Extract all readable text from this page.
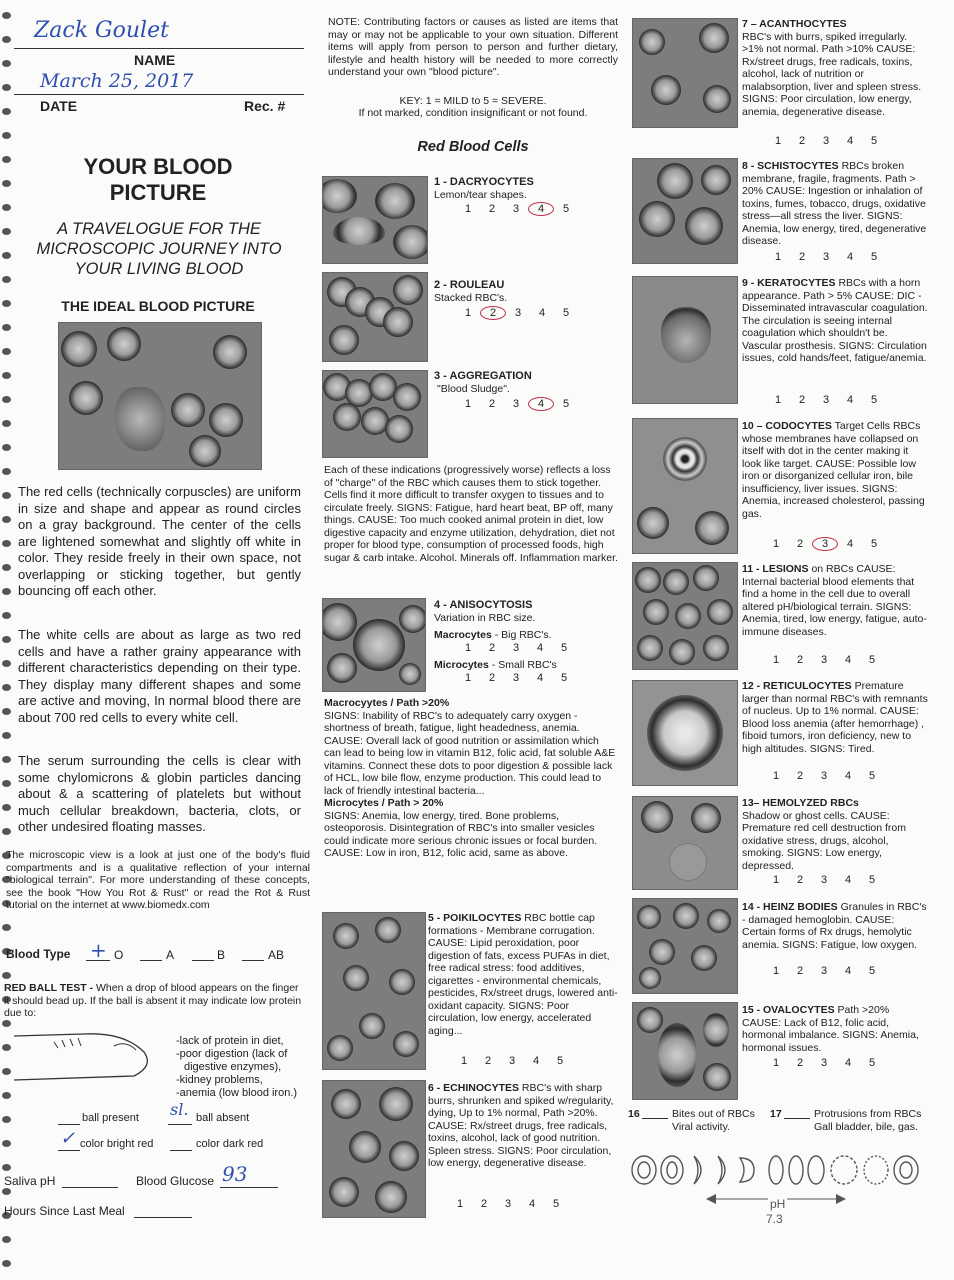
Zack Goulet
NAME
March 25, 2017
DATE	Rec. #
YOUR BLOOD PICTURE
A TRAVELOGUE FOR THE MICROSCOPIC JOURNEY INTO YOUR LIVING BLOOD
THE IDEAL BLOOD PICTURE
The red cells (technically corpuscles) are uniform in size and shape and appear as round circles on a gray background. The center of the cells are lightened somewhat and slightly off white in color. They reside freely in their own space, not overlapping or sticking together, but gently bouncing off each other.
The white cells are about as large as two red cells and have a rather grainy appearance with different characteristics depending on their type. They display many different shapes and some are active and moving, In normal blood there are about 700 red cells to every white cell.
The serum surrounding the cells is clear with some chylomicrons & globin particles dancing about & a scattering of platelets but without much cellular breakdown, bacteria, clots, or other undesired floating masses.
The microscopic view is a look at just one of the body's fluid compartments and is a qualitative reflection of your internal "biological terrain". For more understanding of these concepts, see the book "How You Rot & Rust" or read the Rot & Rust tutorial on the internet at www.biomedx.com
Blood Type + O	A	B	AB
RED BALL TEST - When a drop of blood appears on the finger it should bead up. If the ball is absent it may indicate low protein due to:
-lack of protein in diet,
-poor digestion (lack of
digestive enzymes),
-kidney problems,
-anemia (low blood iron.)
ball present sl. ball absent
✓ color bright red	color dark red
Saliva pH	Blood Glucose 93
Hours Since Last Meal
NOTE: Contributing factors or causes as listed are items that may or may not be applicable to your own situation. Different items will apply from person to person and further dietary, lifestyle and health history will be needed to more correctly understand your own "blood picture".
KEY: 1 = MILD to 5 = SEVERE.
If not marked, condition insignificant or not found.
Red Blood Cells
1 - DACRYOCYTES
Lemon/tear shapes.
1 2 3 4 5
2 - ROULEAU
Stacked RBC's.
1 2 3 4 5
3 - AGGREGATION
"Blood Sludge".
1 2 3 4 5
Each of these indications (progressively worse) reflects a loss of "charge" of the RBC which causes them to stick together. Cells find it more difficult to transfer oxygen to tissues and to circulate freely. SIGNS: Fatigue, hard heart beat, BP off, many things. CAUSE: Too much cooked animal protein in diet, low digestive capacity and enzyme utilization, dehydration, diet not proper for blood type, consumption of processed foods, high sugar & carb intake. Alcohol. Minerals off. Inflammation marker.
4 - ANISOCYTOSIS
Variation in RBC size.
Macrocytes - Big RBC's.
1 2 3 4 5
Microcytes - Small RBC's
1 2 3 4 5
Macrocyytes / Path >20%
SIGNS: Inability of RBC's to adequately carry oxygen - shortness of breath, fatigue, light headedness, anemia. CAUSE: Overall lack of good nutrition or assimilation which can lead to being low in vitamin B12, folic acid, fat soluble A&E vitamins. Connect these dots to poor digestion & possible lack of HCL, low bile flow, enzyme production. This could lead to lack of friendly intestinal bacteria...
Microcytes / Path > 20%
SIGNS: Anemia, low energy, tired. Bone problems, osteoporosis. Disintegration of RBC's into smaller vesicles could indicate more serious chronic issues or focal burden.
CAUSE: Low in iron, B12, folic acid, same as above.
5 - POIKILOCYTES RBC bottle cap formations - Membrane corrugation. CAUSE: Lipid peroxidation, poor digestion of fats, excess PUFAs in diet, free radical stress: food additives, cigarettes - environmental chemicals, pesticides, Rx/street drugs, lowered anti-oxidant capacity. SIGNS: Poor circulation, low energy, accelerated aging...
1 2 3 4 5
6 - ECHINOCYTES RBC's with sharp burrs, shrunken and spiked w/regularity, dying, Up to 1% normal, Path >20%. CAUSE: Rx/street drugs, free radicals, toxins, alcohol, lack of good nutrition. Spleen stress. SIGNS: Poor circulation, low energy, degenerative disease.
1 2 3 4 5
7 – ACANTHOCYTES
RBC's with burrs, spiked irregularly. >1% not normal. Path >10% CAUSE: Rx/street drugs, free radicals, toxins, alcohol, lack of nutrition or malabsorption, liver and spleen stress. SIGNS: Poor circulation, low energy, anemia, degenerative disease.
1 2 3 4 5
8 - SCHISTOCYTES RBCs broken membrane, fragile, fragments. Path > 20% CAUSE: Ingestion or inhalation of toxins, fumes, tobacco, drugs, oxidative stress—all stress the liver. SIGNS: Anemia, low energy, tired, degenerative disease.
1 2 3 4 5
9 - KERATOCYTES RBCs with a horn appearance. Path > 5% CAUSE: DIC - Disseminated intravascular coagulation. The circulation is seeing internal coagulation which shouldn't be. Vascular prosthesis. SIGNS: Circulation issues, cold hands/feet, fatigue/anemia.
1 2 3 4 5
10 – CODOCYTES Target Cells RBCs whose membranes have collapsed on itself with dot in the center making it look like target. CAUSE: Possible low iron or disorganized cellular iron, bile insufficiency, liver issues. SIGNS: Anemia, increased cholesterol, passing gas.
1 2 3 4 5
11 - LESIONS on RBCs CAUSE: Internal bacterial blood elements that find a home in the cell due to overall altered pH/biological terrain. SIGNS: Anemia, tired, low energy, fatigue, auto-immune diseases.
1 2 3 4 5
12 - RETICULOCYTES Premature larger than normal RBC's with remnants of nucleus. Up to 1% normal. CAUSE: Blood loss anemia (after hemorrhage) , fiboid tumors, iron deficiency, new to high altitudes. SIGNS: Tired.
1 2 3 4 5
13– HEMOLYZED RBCs
Shadow or ghost cells. CAUSE: Premature red cell destruction from oxidative stress, drugs, alcohol, smoking. SIGNS: Low energy, depressed.
1 2 3 4 5
14 - HEINZ BODIES Granules in RBC's - damaged hemoglobin. CAUSE: Certain forms of Rx drugs, hemolytic anemia. SIGNS: Fatigue, low oxygen.
1 2 3 4 5
15 - OVALOCYTES Path >20% CAUSE: Lack of B12, folic acid, hormonal imbalance. SIGNS: Anemia, hormonal issues.
1 2 3 4 5
16	Bites out of RBCs Viral activity.
17	Protrusions from RBCs Gall bladder, bile, gas.
pH
7.3
